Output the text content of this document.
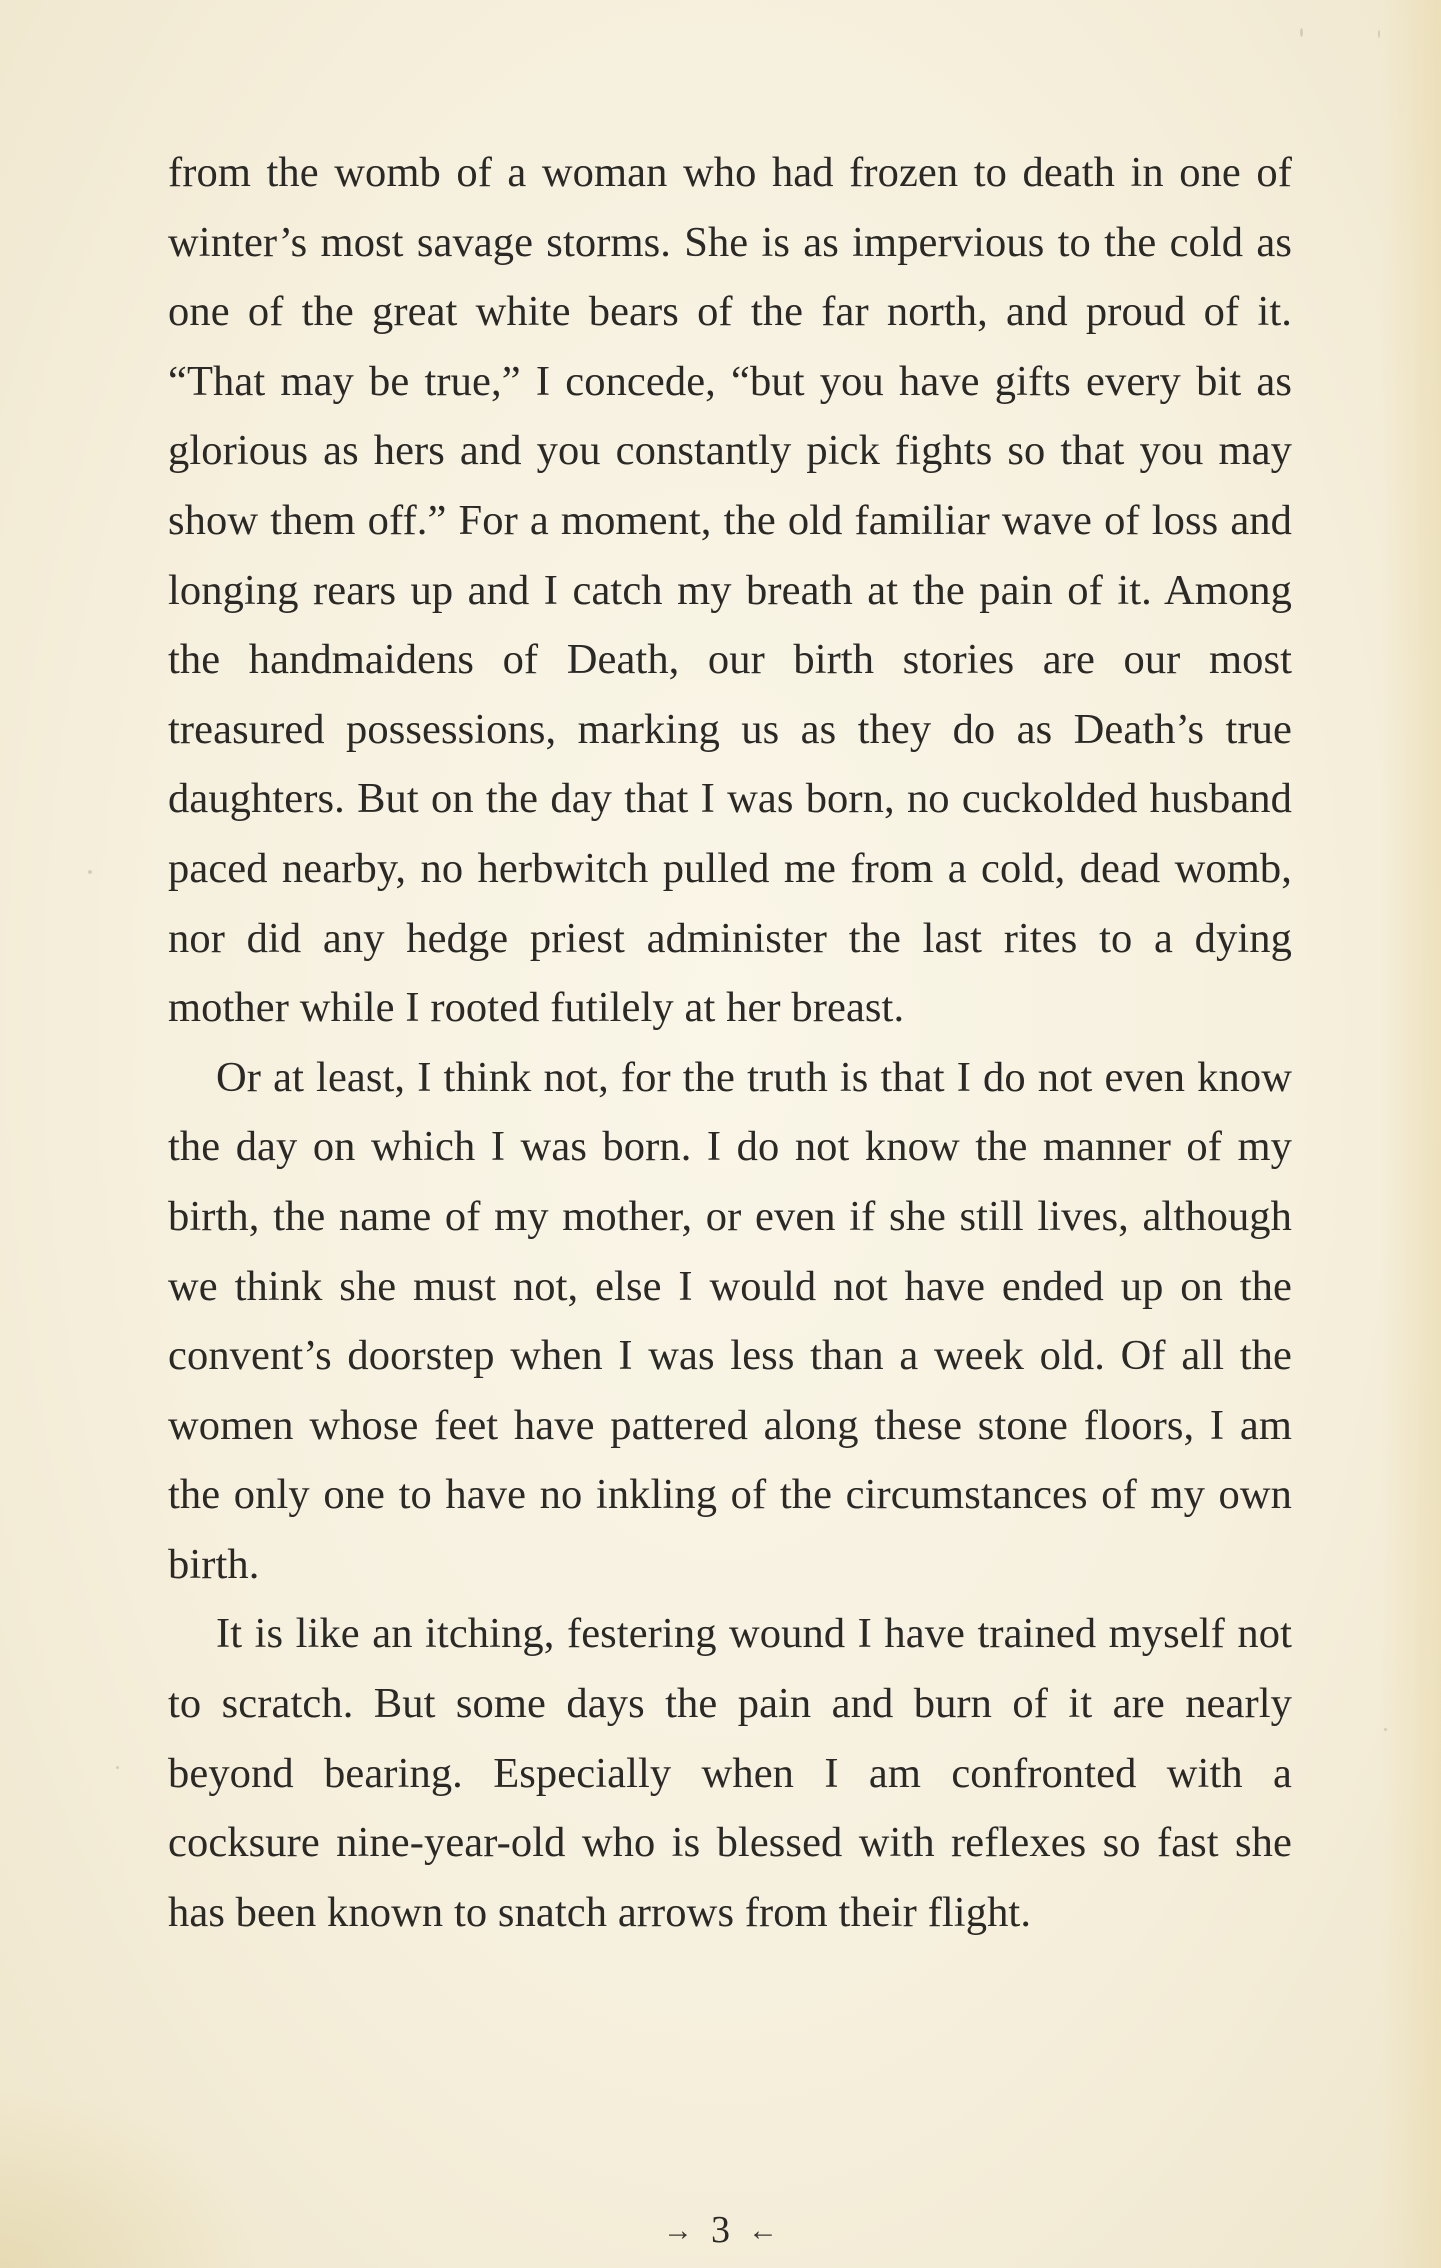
from the womb of a woman who had frozen to death in one of winter’s most savage storms. She is as impervious to the cold as one of the great white bears of the far north, and proud of it. “That may be true,” I concede, “but you have gifts every bit as glorious as hers and you constantly pick fights so that you may show them off.” For a moment, the old familiar wave of loss and longing rears up and I catch my breath at the pain of it. Among the handmaidens of Death, our birth stories are our most treasured possessions, marking us as they do as Death’s true daughters. But on the day that I was born, no cuckolded husband paced nearby, no herbwitch pulled me from a cold, dead womb, nor did any hedge priest administer the last rites to a dying mother while I rooted futilely at her breast.

Or at least, I think not, for the truth is that I do not even know the day on which I was born. I do not know the manner of my birth, the name of my mother, or even if she still lives, although we think she must not, else I would not have ended up on the convent’s doorstep when I was less than a week old. Of all the women whose feet have pattered along these stone floors, I am the only one to have no inkling of the circumstances of my own birth.

It is like an itching, festering wound I have trained myself not to scratch. But some days the pain and burn of it are nearly beyond bearing. Especially when I am confronted with a cocksure nine-year-old who is blessed with reflexes so fast she has been known to snatch arrows from their flight.

→ 3 ←
